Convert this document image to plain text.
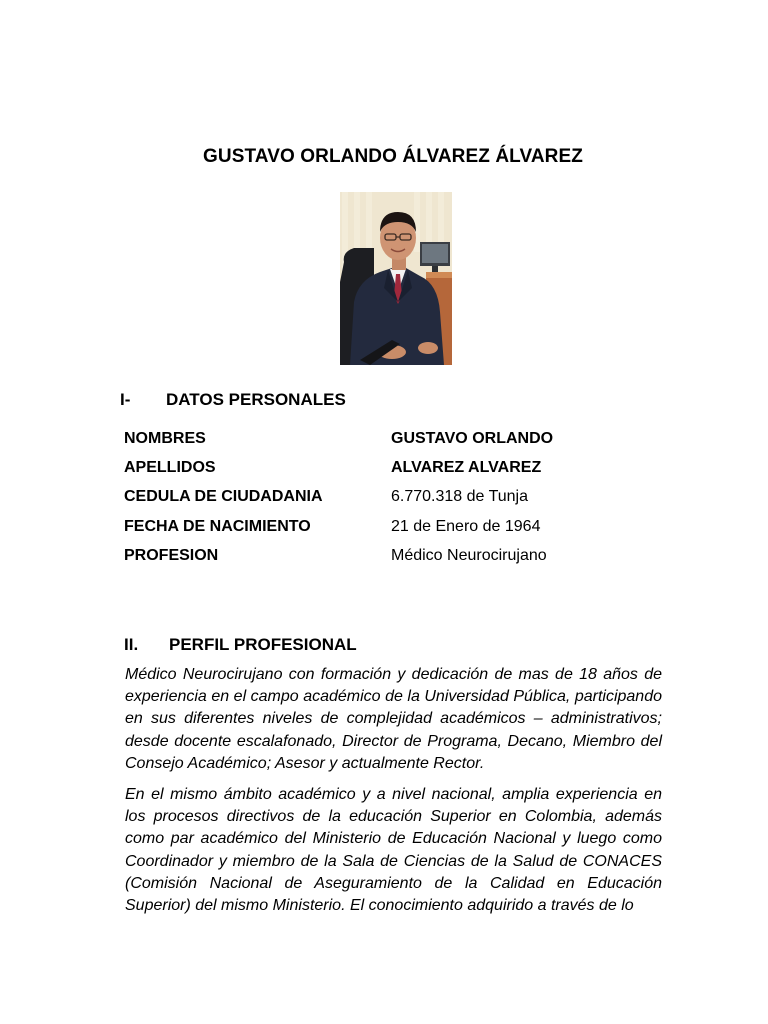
GUSTAVO ORLANDO ÁLVAREZ ÁLVAREZ
I- DATOS PERSONALES
NOMBRES	GUSTAVO ORLANDO
APELLIDOS	ALVAREZ ALVAREZ
CEDULA DE CIUDADANIA	6.770.318 de Tunja
FECHA DE NACIMIENTO	21 de Enero de 1964
PROFESION	Médico Neurocirujano
II. PERFIL PROFESIONAL

Médico Neurocirujano con formación y dedicación de mas de 18 años de experiencia en el campo académico de la Universidad Pública, participando en sus diferentes niveles de complejidad académicos – administrativos; desde docente escalafonado, Director de Programa, Decano, Miembro del Consejo Académico; Asesor y actualmente Rector.

En el mismo ámbito académico y a nivel nacional, amplia experiencia en los procesos directivos de la educación Superior en Colombia, además como par académico del Ministerio de Educación Nacional y luego como Coordinador y miembro de la Sala de Ciencias de la Salud de CONACES (Comisión Nacional de Aseguramiento de la Calidad en Educación Superior) del mismo Ministerio. El conocimiento adquirido a través de lo
